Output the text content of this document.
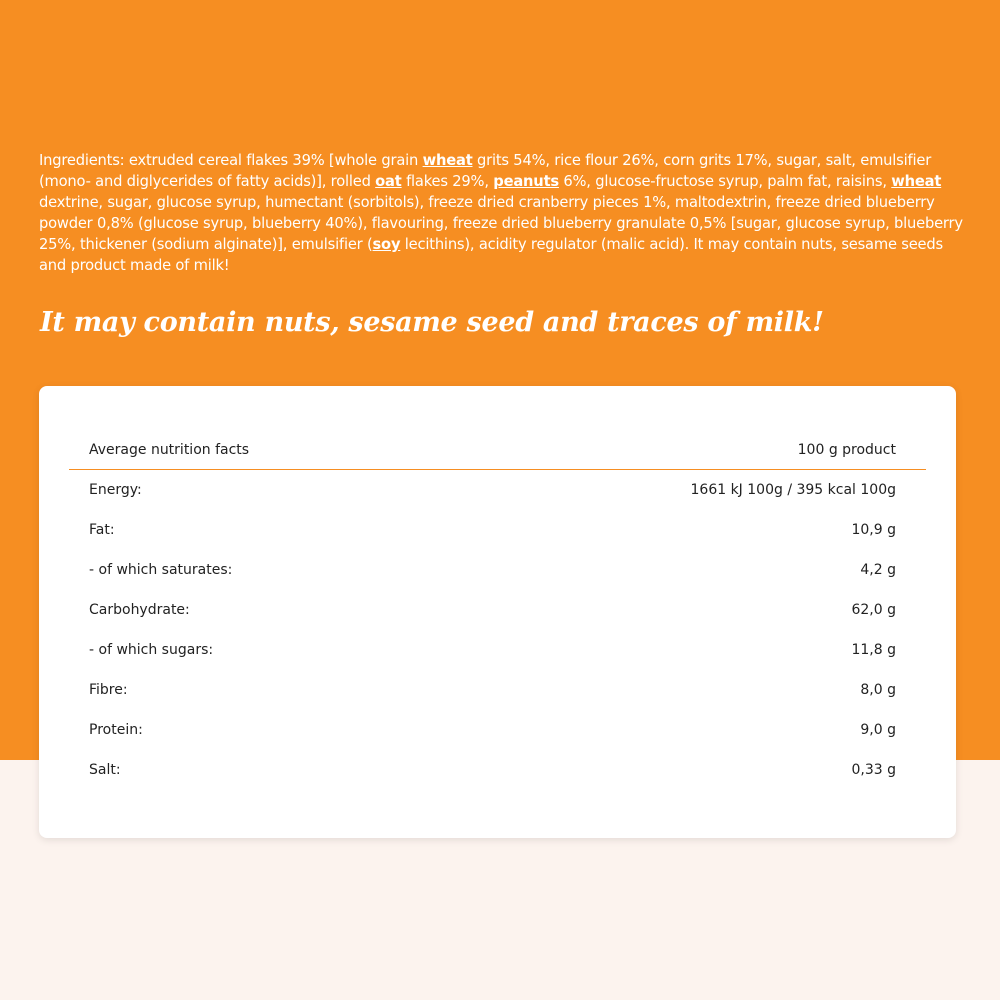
Ingredients: extruded cereal flakes 39% [whole grain wheat grits 54%, rice flour 26%, corn grits 17%, sugar, salt, emulsifier (mono- and diglycerides of fatty acids)], rolled oat flakes 29%, peanuts 6%, glucose-fructose syrup, palm fat, raisins, wheat dextrine, sugar, glucose syrup, humectant (sorbitols), freeze dried cranberry pieces 1%, maltodextrin, freeze dried blueberry powder 0,8% (glucose syrup, blueberry 40%), flavouring, freeze dried blueberry granulate 0,5% [sugar, glucose syrup, blueberry 25%, thickener (sodium alginate)], emulsifier (soy lecithins), acidity regulator (malic acid). It may contain nuts, sesame seeds and product made of milk!
It may contain nuts, sesame seed and traces of milk!
Average nutrition facts	100 g product
Energy:	1661 kJ 100g / 395 kcal 100g
Fat:	10,9 g
- of which saturates:	4,2 g
Carbohydrate:	62,0 g
- of which sugars:	11,8 g
Fibre:	8,0 g
Protein:	9,0 g
Salt:	0,33 g
